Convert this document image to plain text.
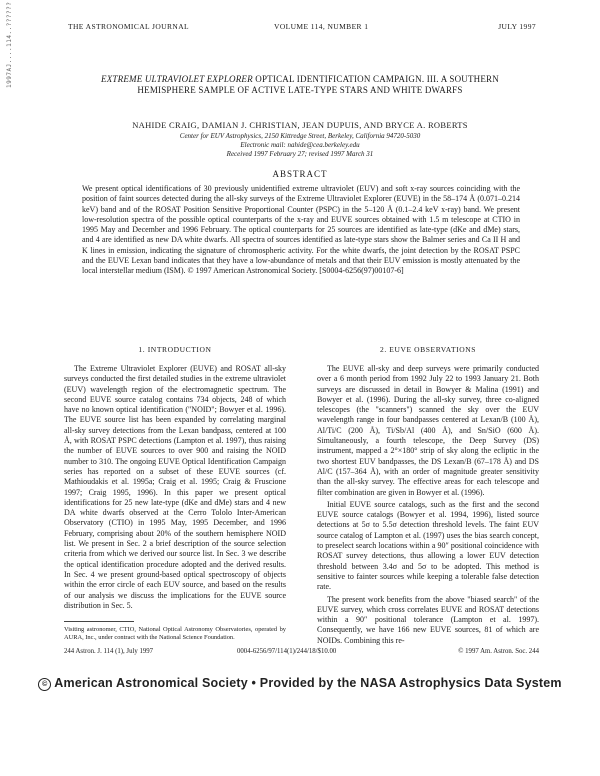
1997AJ....114..??????	THE ASTRONOMICAL JOURNAL	VOLUME 114, NUMBER 1	JULY 1997
EXTREME ULTRAVIOLET EXPLORER OPTICAL IDENTIFICATION CAMPAIGN. III. A SOUTHERN HEMISPHERE SAMPLE OF ACTIVE LATE-TYPE STARS AND WHITE DWARFS
NAHIDE CRAIG, DAMIAN J. CHRISTIAN, JEAN DUPUIS, AND BRYCE A. ROBERTS
Center for EUV Astrophysics, 2150 Kittredge Street, Berkeley, California 94720-5030
Electronic mail: nahide@cea.berkeley.edu
Received 1997 February 27; revised 1997 March 31
ABSTRACT

We present optical identifications of 30 previously unidentified extreme ultraviolet (EUV) and soft x-ray sources coinciding with the position of faint sources detected during the all-sky surveys of the Extreme Ultraviolet Explorer (EUVE) in the 58–174 Å (0.071–0.214 keV) band and of the ROSAT Position Sensitive Proportional Counter (PSPC) in the 5–120 Å (0.1–2.4 keV x-ray) band. We present low-resolution spectra of the possible optical counterparts of the x-ray and EUVE sources obtained with 1.5 m telescope at CTIO in 1995 May and December and 1996 February. The optical counterparts for 25 sources are identified as late-type (dKe and dMe) stars, and 4 are identified as new DA white dwarfs. All spectra of sources identified as late-type stars show the Balmer series and Ca II H and K lines in emission, indicating the signature of chromospheric activity. For the white dwarfs, the joint detection by the ROSAT PSPC and the EUVE Lexan band indicates that they have a low-abundance of metals and that their EUV emission is mostly attenuated by the local interstellar medium (ISM). © 1997 American Astronomical Society. [S0004-6256(97)00107-6]

1. INTRODUCTION

The Extreme Ultraviolet Explorer (EUVE) and ROSAT all-sky surveys conducted the first detailed studies in the extreme ultraviolet (EUV) wavelength region of the electromagnetic spectrum. The second EUVE source catalog contains 734 objects, 248 of which have no known optical identification ("NOID"; Bowyer et al. 1996). The EUVE source list has been expanded by correlating marginal all-sky survey detections from the Lexan bandpass, centered at 100 Å, with ROSAT PSPC detections (Lampton et al. 1997), thus raising the number of EUVE sources to over 900 and raising the NOID number to 310. The ongoing EUVE Optical Identification Campaign series has reported on a subset of these EUVE sources (cf. Mathioudakis et al. 1995a; Craig et al. 1995; Craig & Fruscione 1997; Craig 1995, 1996). In this paper we present optical identifications for 25 new late-type (dKe and dMe) stars and 4 new DA white dwarfs observed at the Cerro Tololo Inter-American Observatory (CTIO) in 1995 May, 1995 December, and 1996 February, comprising about 20% of the southern hemisphere NOID list. We present in Sec. 2 a brief description of the source selection criteria from which we derived our source list. In Sec. 3 we describe the optical identification procedure adopted and the derived results. In Sec. 4 we present ground-based optical spectroscopy of objects within the error circle of each EUV source, and based on the results of our analysis we discuss the implications for the EUVE source distribution in Sec. 5.

2. EUVE OBSERVATIONS

The EUVE all-sky and deep surveys were primarily conducted over a 6 month period from 1992 July 22 to 1993 January 21. Both surveys are discussed in detail in Bowyer & Malina (1991) and Bowyer et al. (1996). During the all-sky survey, three co-aligned telescopes (the "scanners") scanned the sky over the EUV wavelength range in four bandpasses centered at Lexan/B (100 Å), Al/Ti/C (200 Å), Ti/Sb/Al (400 Å), and Sn/SiO (600 Å). Simultaneously, a fourth telescope, the Deep Survey (DS) instrument, mapped a 2°×180° strip of sky along the ecliptic in the two shortest EUV bandpasses, the DS Lexan/B (67–178 Å) and DS Al/C (157–364 Å), with an order of magnitude greater sensitivity than the all-sky survey. The effective areas for each telescope and filter combination are given in Bowyer et al. (1996).

Initial EUVE source catalogs, such as the first and the second EUVE source catalogs (Bowyer et al. 1994, 1996), listed source detections at 5σ to 5.5σ detection threshold levels. The faint EUV source catalog of Lampton et al. (1997) uses the bias search concept, to preselect search locations within a 90″ positional coincidence with ROSAT survey detections, thus allowing a lower EUV detection threshold between 3.4σ and 5σ to be adopted. This method is sensitive to fainter sources while keeping a tolerable false detection rate.

The present work benefits from the above "biased search" of the EUVE survey, which cross correlates EUVE and ROSAT detections within a 90″ positional tolerance (Lampton et al. 1997). Consequently, we have 166 new EUVE sources, 81 of which are NOIDs. Combining this re-

Visiting astronomer, CTIO, National Optical Astronomy Observatories, operated by AURA, Inc., under contract with the National Science Foundation.
244 Astron. J. 114 (1), July 1997	0004-6256/97/114(1)/244/18/$10.00	© 1997 Am. Astron. Soc. 244
© American Astronomical Society • Provided by the NASA Astrophysics Data System
